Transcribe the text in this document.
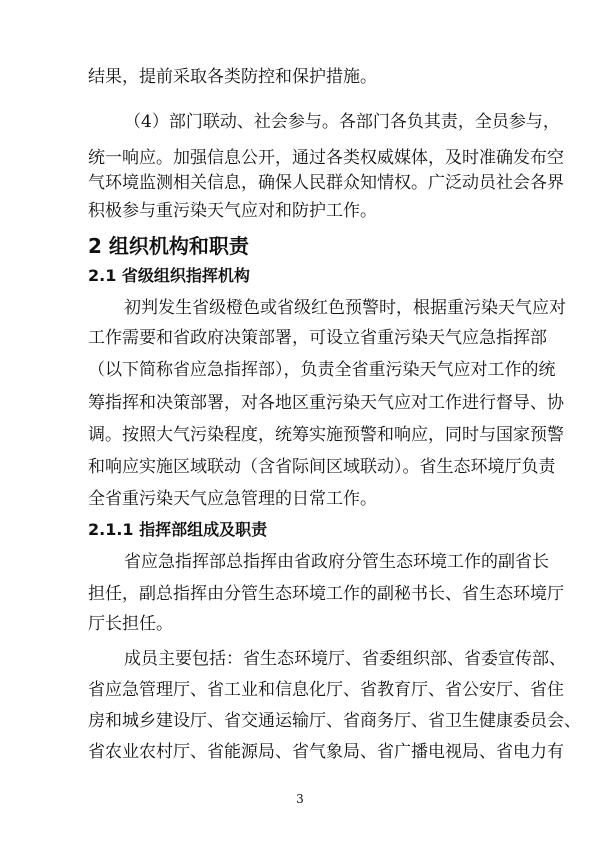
结果，提前采取各类防控和保护措施。
（4）部门联动、社会参与。各部门各负其责，全员参与，
统一响应。加强信息公开，通过各类权威媒体，及时准确发布空
气环境监测相关信息，确保人民群众知情权。广泛动员社会各界
积极参与重污染天气应对和防护工作。
2 组织机构和职责
2.1 省级组织指挥机构
初判发生省级橙色或省级红色预警时，根据重污染天气应对
工作需要和省政府决策部署，可设立省重污染天气应急指挥部
（以下简称省应急指挥部），负责全省重污染天气应对工作的统
筹指挥和决策部署，对各地区重污染天气应对工作进行督导、协
调。按照大气污染程度，统筹实施预警和响应，同时与国家预警
和响应实施区域联动（含省际间区域联动）。省生态环境厅负责
全省重污染天气应急管理的日常工作。
2.1.1 指挥部组成及职责
省应急指挥部总指挥由省政府分管生态环境工作的副省长
担任，副总指挥由分管生态环境工作的副秘书长、省生态环境厅
厅长担任。
成员主要包括：省生态环境厅、省委组织部、省委宣传部、
省应急管理厅、省工业和信息化厅、省教育厅、省公安厅、省住
房和城乡建设厅、省交通运输厅、省商务厅、省卫生健康委员会、
省农业农村厅、省能源局、省气象局、省广播电视局、省电力有
3
